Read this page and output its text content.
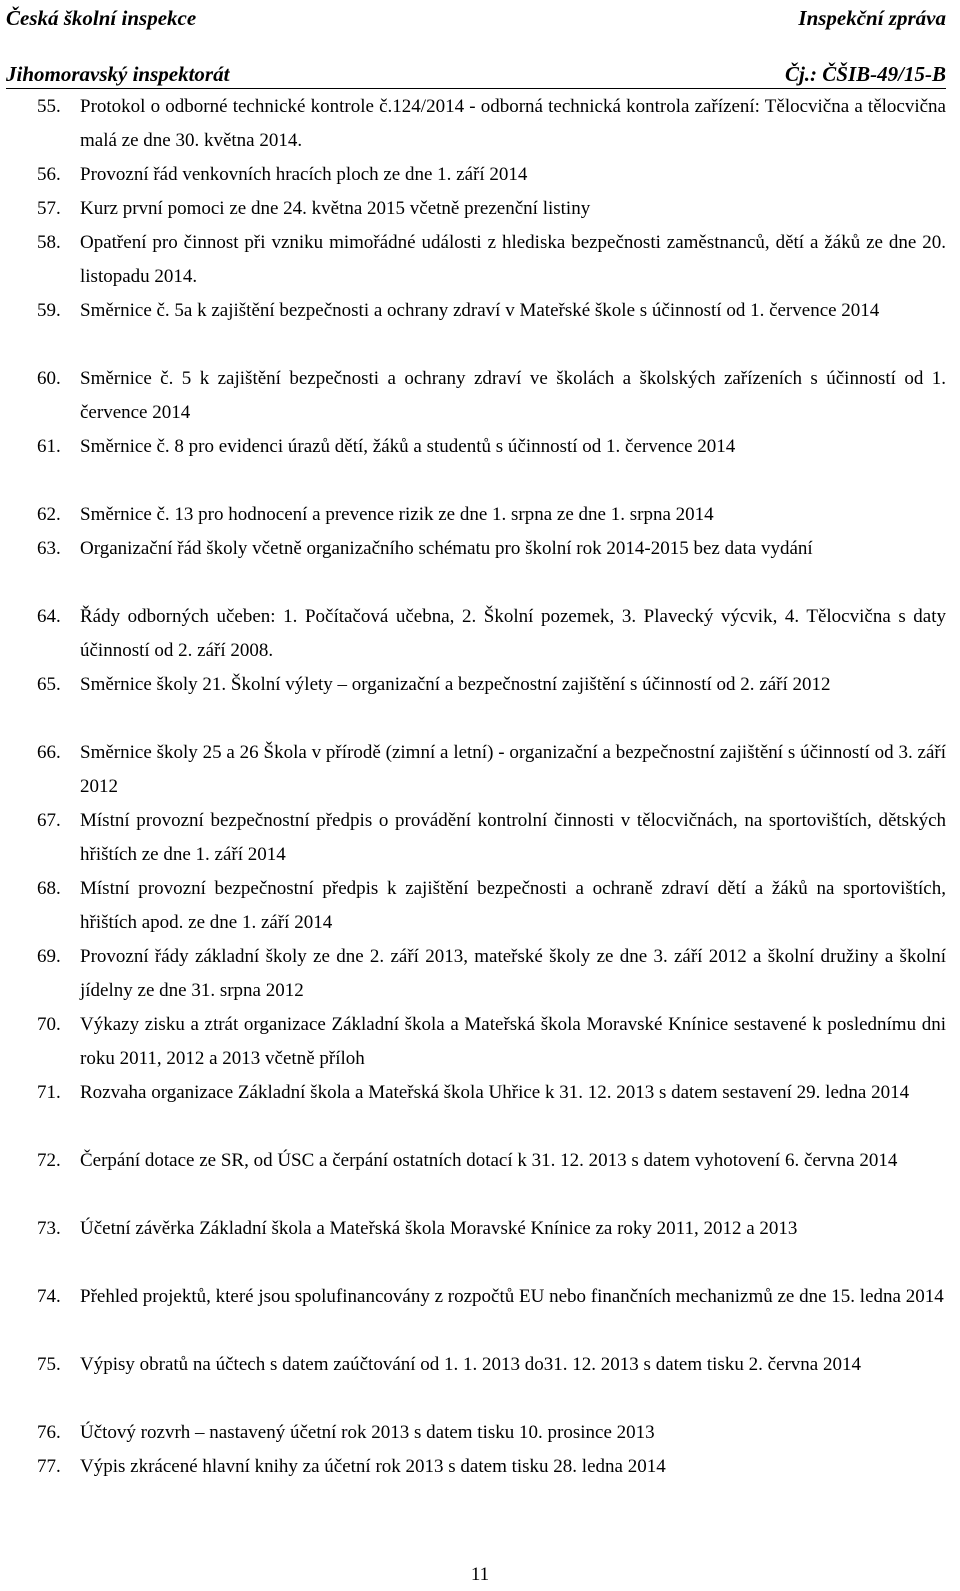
Česká školní inspekce	Inspekční zpráva
Jihomoravský inspektorát	Čj.: ČŠIB-49/15-B
55.	Protokol o odborné technické kontrole č.124/2014 - odborná technická kontrola zařízení: Tělocvična a tělocvična malá ze dne 30. května 2014.
56.	Provozní řád venkovních hracích ploch ze dne 1. září 2014
57.	Kurz první pomoci ze dne 24. května 2015 včetně prezenční listiny
58.	Opatření pro činnost při vzniku mimořádné události z hlediska bezpečnosti zaměstnanců, dětí a žáků ze dne 20. listopadu 2014.
59.	Směrnice č. 5a k zajištění bezpečnosti a ochrany zdraví v Mateřské škole s účinností od 1. července 2014
60.	Směrnice č. 5 k zajištění bezpečnosti a ochrany zdraví ve školách a školských zařízeních s účinností od 1. července 2014
61.	Směrnice č. 8 pro evidenci úrazů dětí, žáků a studentů s účinností od 1. července 2014
62.	Směrnice č. 13 pro hodnocení a prevence rizik ze dne 1. srpna ze dne 1. srpna 2014
63.	Organizační řád školy včetně organizačního schématu pro školní rok 2014-2015 bez data vydání
64.	Řády odborných učeben: 1. Počítačová učebna, 2. Školní pozemek, 3. Plavecký výcvik, 4. Tělocvična s daty účinností od 2. září 2008.
65.	Směrnice školy 21. Školní výlety – organizační a bezpečnostní zajištění s účinností od 2. září 2012
66.	Směrnice školy 25 a 26 Škola v přírodě (zimní a letní) - organizační a bezpečnostní zajištění s účinností od 3. září 2012
67.	Místní provozní bezpečnostní předpis o provádění kontrolní činnosti v tělocvičnách, na sportovištích, dětských hřištích ze dne 1. září 2014
68.	Místní provozní bezpečnostní předpis k zajištění bezpečnosti a ochraně zdraví dětí a žáků na sportovištích, hřištích apod. ze dne 1. září 2014
69.	Provozní řády základní školy ze dne 2. září 2013, mateřské školy ze dne 3. září 2012 a školní družiny a školní jídelny ze dne 31. srpna 2012
70.	Výkazy zisku a ztrát organizace Základní škola a Mateřská škola Moravské Knínice sestavené k poslednímu dni roku 2011, 2012 a 2013 včetně příloh
71.	Rozvaha organizace Základní škola a Mateřská škola Uhřice k 31. 12. 2013 s datem sestavení 29. ledna 2014
72.	Čerpání dotace ze SR, od ÚSC a čerpání ostatních dotací k 31. 12. 2013 s datem vyhotovení 6. června 2014
73.	Účetní závěrka Základní škola a Mateřská škola Moravské Knínice za roky 2011, 2012 a 2013
74.	Přehled projektů, které jsou spolufinancovány z rozpočtů EU nebo finančních mechanizmů ze dne 15. ledna 2014
75.	Výpisy obratů na účtech s datem zaúčtování od 1. 1. 2013 do31. 12. 2013 s datem tisku 2. června 2014
76.	Účtový rozvrh – nastavený účetní rok 2013 s datem tisku 10. prosince 2013
77.	Výpis zkrácené hlavní knihy za účetní rok 2013 s datem tisku 28. ledna 2014
11
